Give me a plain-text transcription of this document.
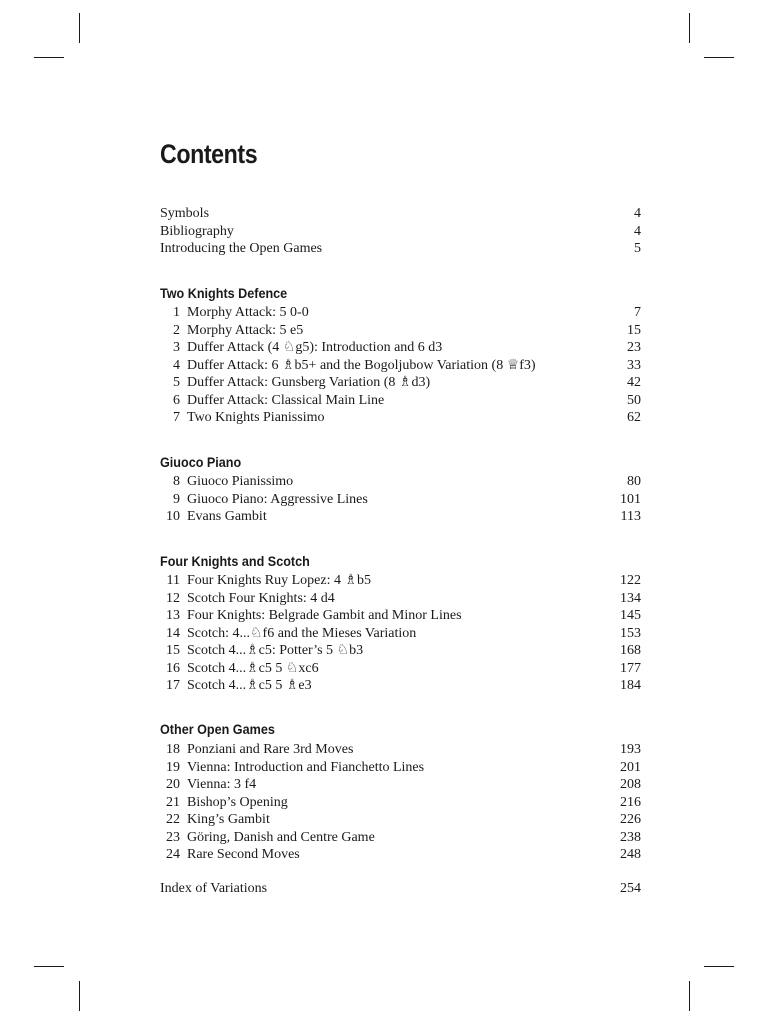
Contents
Symbols	4
Bibliography	4
Introducing the Open Games	5
Two Knights Defence
1 Morphy Attack: 5 0-0	7
2 Morphy Attack: 5 e5	15
3 Duffer Attack (4 ♘g5): Introduction and 6 d3	23
4 Duffer Attack: 6 ♗b5+ and the Bogoljubow Variation (8 ♕f3)	33
5 Duffer Attack: Gunsberg Variation (8 ♗d3)	42
6 Duffer Attack: Classical Main Line	50
7 Two Knights Pianissimo	62
Giuoco Piano
8 Giuoco Pianissimo	80
9 Giuoco Piano: Aggressive Lines	101
10 Evans Gambit	113
Four Knights and Scotch
11 Four Knights Ruy Lopez: 4 ♗b5	122
12 Scotch Four Knights: 4 d4	134
13 Four Knights: Belgrade Gambit and Minor Lines	145
14 Scotch: 4...♘f6 and the Mieses Variation	153
15 Scotch 4...♗c5: Potter’s 5 ♘b3	168
16 Scotch 4...♗c5 5 ♘xc6	177
17 Scotch 4...♗c5 5 ♗e3	184
Other Open Games
18 Ponziani and Rare 3rd Moves	193
19 Vienna: Introduction and Fianchetto Lines	201
20 Vienna: 3 f4	208
21 Bishop’s Opening	216
22 King’s Gambit	226
23 Göring, Danish and Centre Game	238
24 Rare Second Moves	248
Index of Variations	254
